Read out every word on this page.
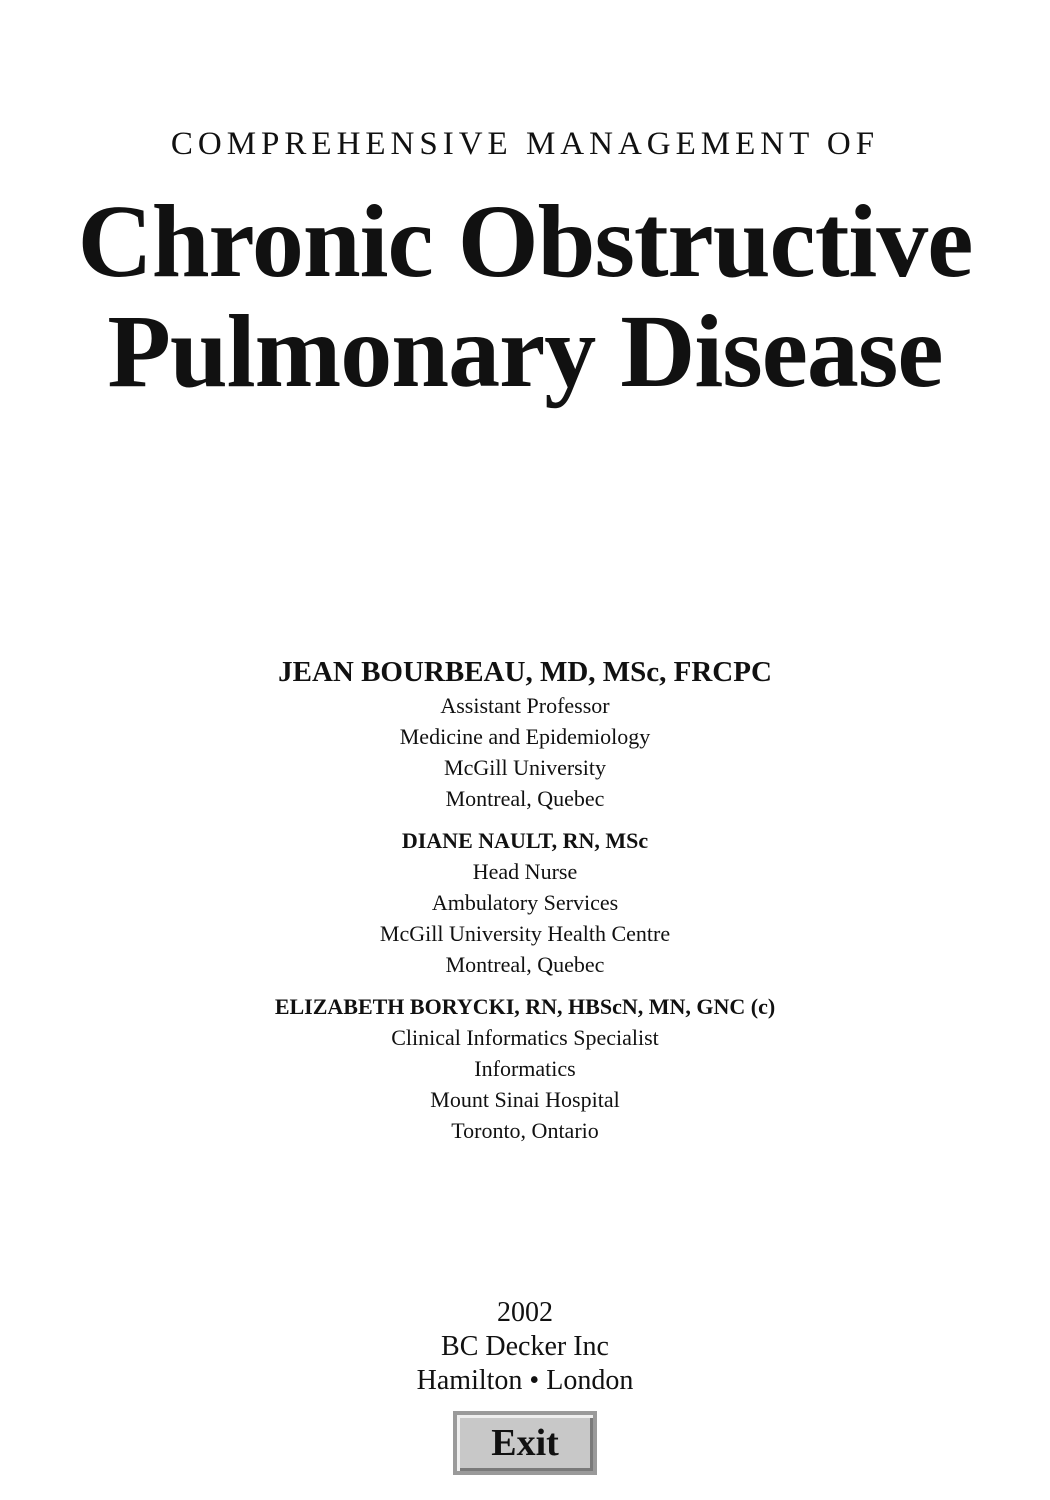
COMPREHENSIVE MANAGEMENT OF
Chronic Obstructive
Pulmonary Disease
JEAN BOURBEAU, MD, MSc, FRCPC
Assistant Professor
Medicine and Epidemiology
McGill University
Montreal, Quebec
DIANE NAULT, RN, MSc
Head Nurse
Ambulatory Services
McGill University Health Centre
Montreal, Quebec
ELIZABETH BORYCKI, RN, HBScN, MN, GNC (c)
Clinical Informatics Specialist
Informatics
Mount Sinai Hospital
Toronto, Ontario
2002
BC Decker Inc
Hamilton • London
Exit
